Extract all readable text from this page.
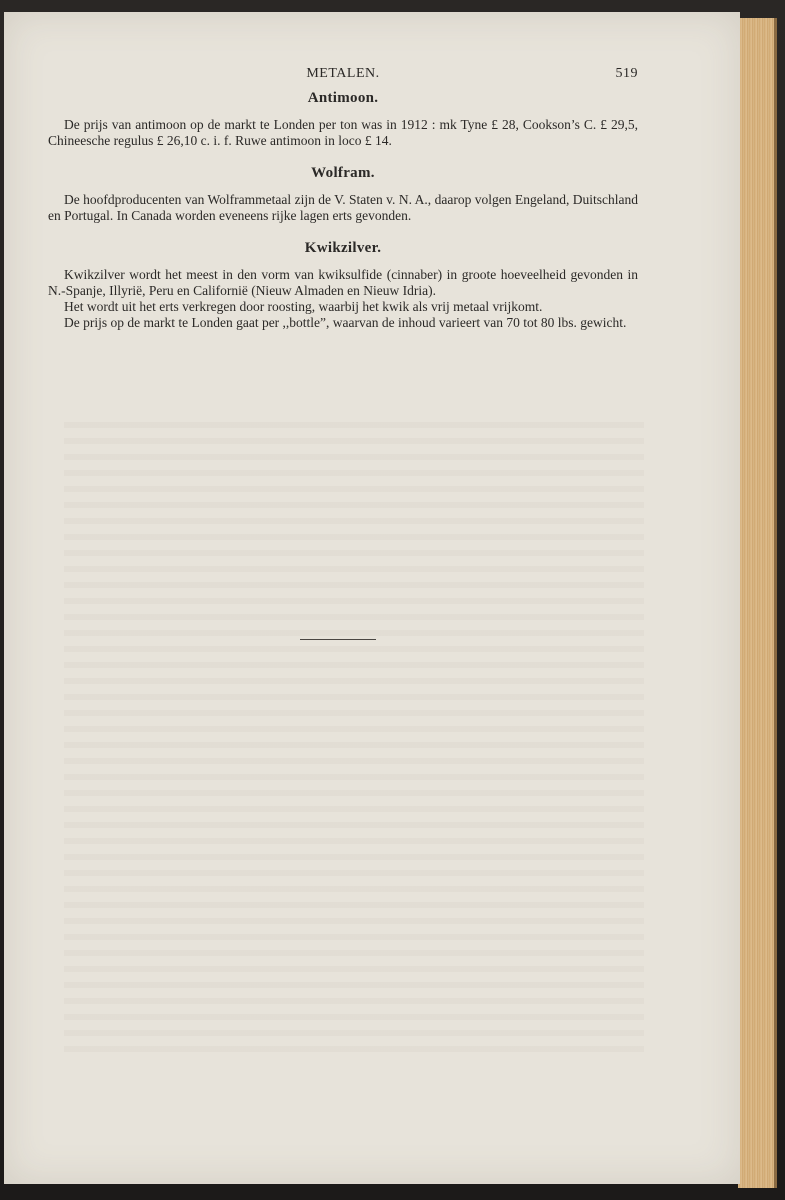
METALEN.	519
Antimoon.

De prijs van antimoon op de markt te Londen per ton was in 1912 : mk Tyne £ 28, Cookson’s C. £ 29,5, Chineesche regulus £ 26,10 c. i. f. Ruwe antimoon in loco £ 14.

Wolfram.

De hoofdproducenten van Wolframmetaal zijn de V. Staten v. N. A., daarop volgen Engeland, Duitschland en Portugal. In Canada worden eveneens rijke lagen erts gevonden.

Kwikzilver.

Kwikzilver wordt het meest in den vorm van kwiksulfide (cinnaber) in groote hoeveelheid gevonden in N.-Spanje, Illyrië, Peru en Californië (Nieuw Almaden en Nieuw Idria).

Het wordt uit het erts verkregen door roosting, waarbij het kwik als vrij metaal vrijkomt.

De prijs op de markt te Londen gaat per ,,bottle”, waarvan de inhoud varieert van 70 tot 80 lbs. gewicht.
